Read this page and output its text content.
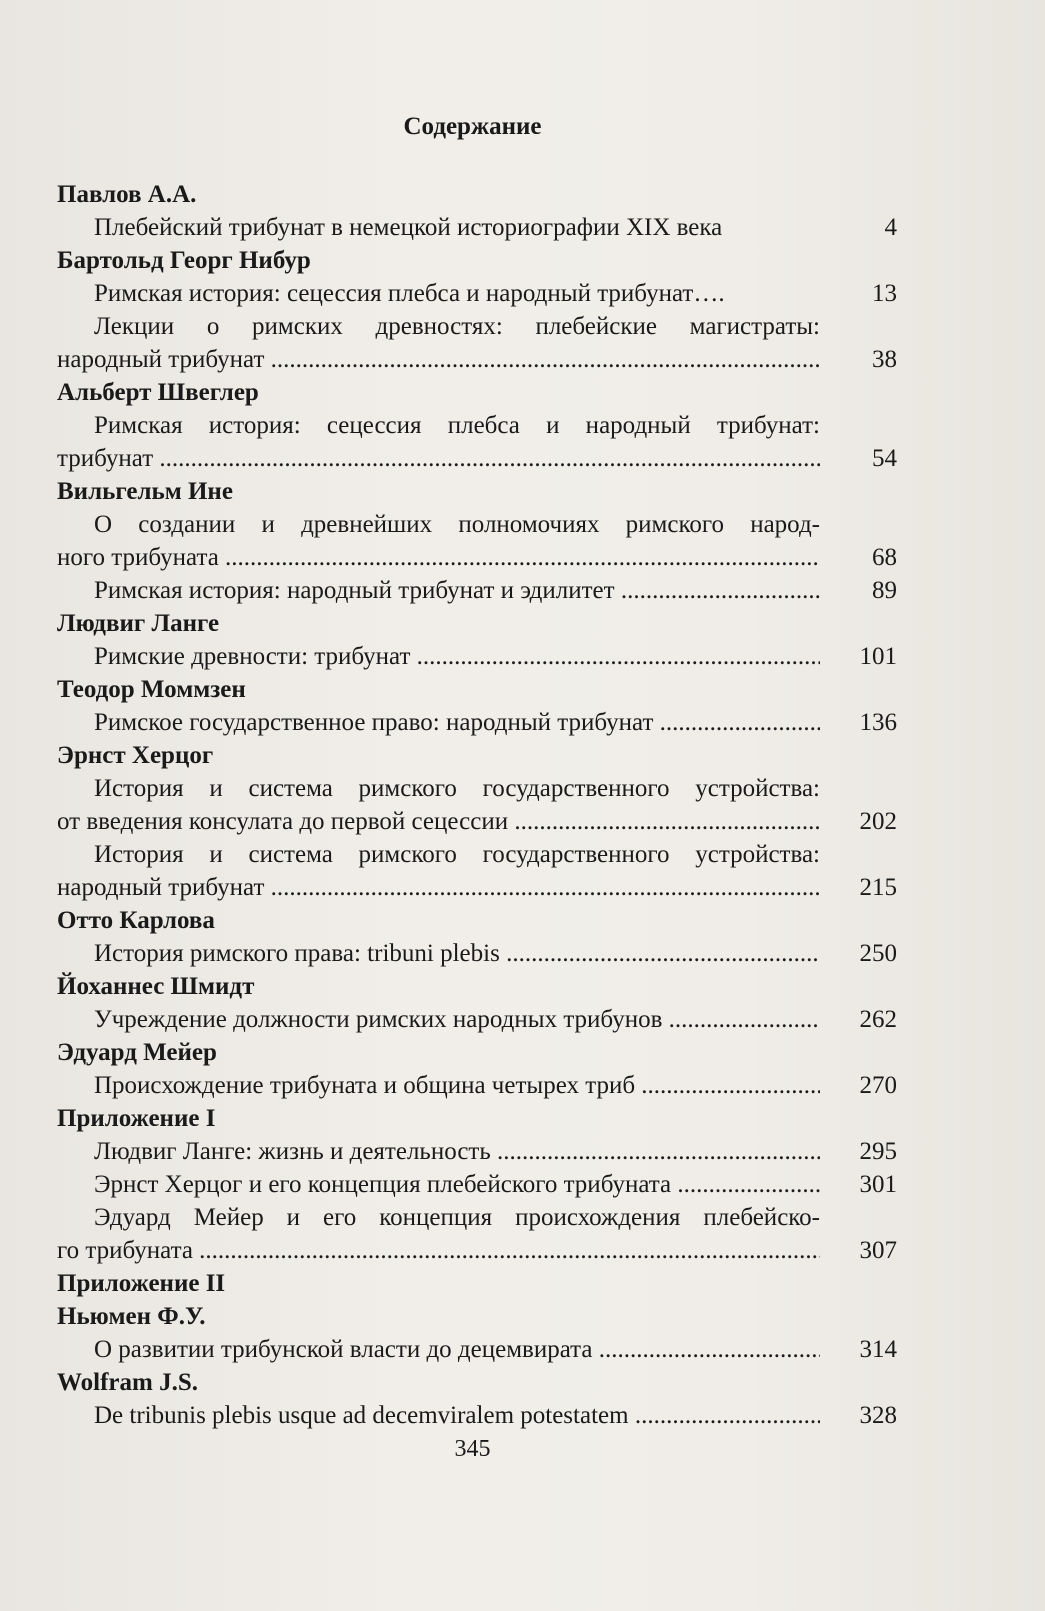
Содержание
Павлов А.А.
Плебейский трибунат в немецкой историографии XIX века	4
Бартольд Георг Нибур
Римская история: сецессия плебса и народный трибунат….	13
Лекции о римских древностях: плебейские магистраты:
народный трибунат .....	38
Альберт Швеглер
Римская история: сецессия плебса и народный трибунат:
трибунат .....	54
Вильгельм Ине
О создании и древнейших полномочиях римского народ-
ного трибуната .....	68
Римская история: народный трибунат и эдилитет .....	89
Людвиг Ланге
Римские древности: трибунат .....	101
Теодор Моммзен
Римское государственное право: народный трибунат .....	136
Эрнст Херцог
История и система римского государственного устройства:
от введения консулата до первой сецессии .....	202
История и система римского государственного устройства:
народный трибунат .....	215
Отто Карлова
История римского права: tribuni plebis .....	250
Йоханнес Шмидт
Учреждение должности римских народных трибунов .....	262
Эдуард Мейер
Происхождение трибуната и община четырех триб .....	270
Приложение I
Людвиг Ланге: жизнь и деятельность .....	295
Эрнст Херцог и его концепция плебейского трибуната .....	301
Эдуард Мейер и его концепция происхождения плебейско-
го трибуната .....	307
Приложение II
Ньюмен Ф.У.
О развитии трибунской власти до децемвирата .....	314
Wolfram J.S.
De tribunis plebis usque ad decemviralem potestatem .....	328
345
